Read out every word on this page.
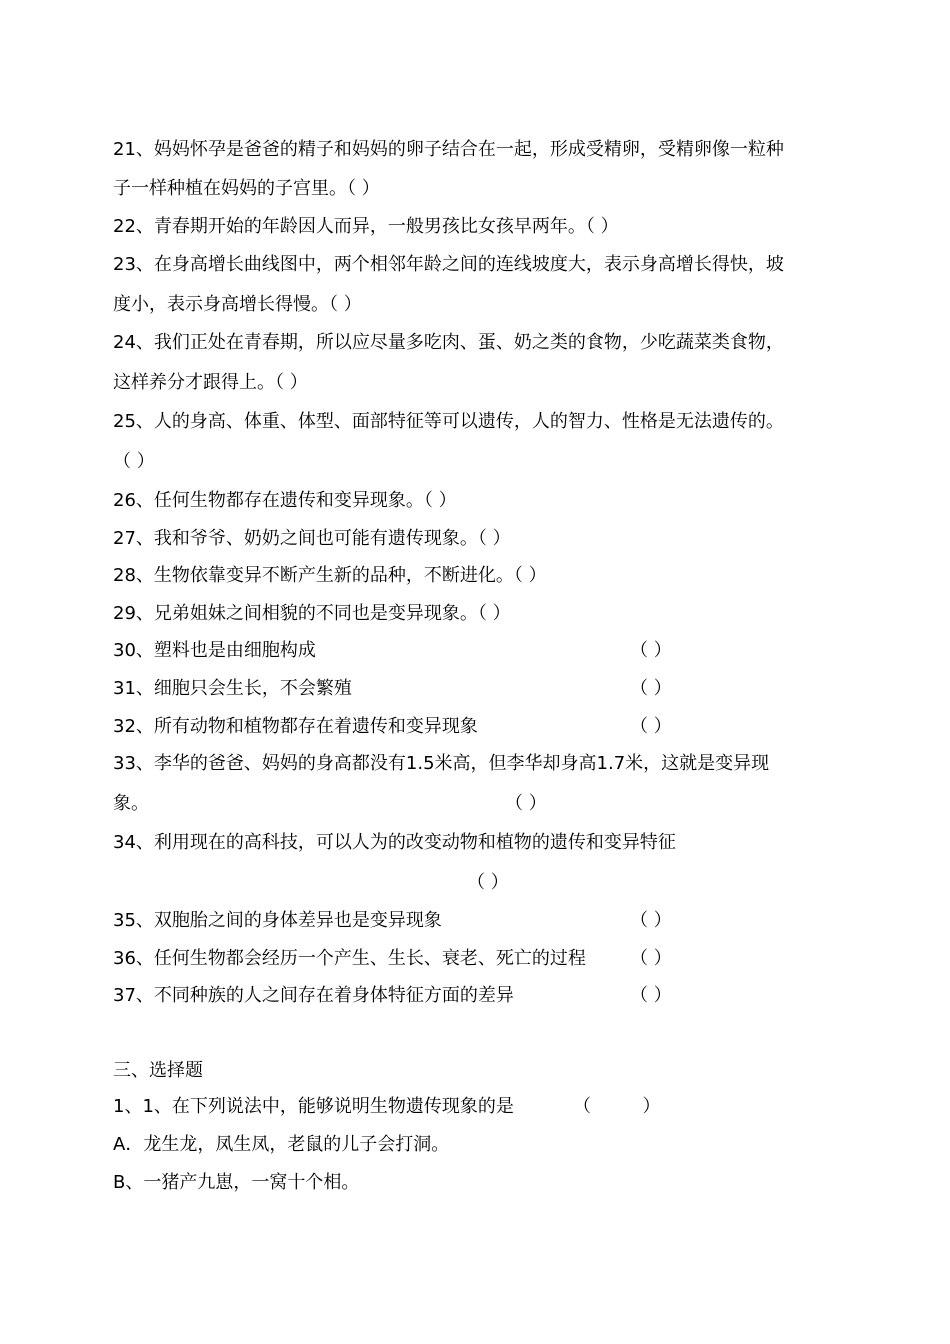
21、妈妈怀孕是爸爸的精子和妈妈的卵子结合在一起，形成受精卵，受精卵像一粒种
子一样种植在妈妈的子宫里。（ ）
22、青春期开始的年龄因人而异，一般男孩比女孩早两年。（ ）
23、在身高增长曲线图中，两个相邻年龄之间的连线坡度大，表示身高增长得快，坡
度小，表示身高增长得慢。（ ）
24、我们正处在青春期，所以应尽量多吃肉、蛋、奶之类的食物，少吃蔬菜类食物，
这样养分才跟得上。（ ）
25、人的身高、体重、体型、面部特征等可以遗传，人的智力、性格是无法遗传的。
（ ）
26、任何生物都存在遗传和变异现象。（ ）
27、我和爷爷、奶奶之间也可能有遗传现象。（ ）
28、生物依靠变异不断产生新的品种，不断进化。（ ）
29、兄弟姐妹之间相貌的不同也是变异现象。（ ）
30、塑料也是由细胞构成	（ ）
31、细胞只会生长，不会繁殖	（ ）
32、所有动物和植物都存在着遗传和变异现象	（ ）
33、李华的爸爸、妈妈的身高都没有1.5米高，但李华却身高1.7米，这就是变异现
象。	（ ）
34、利用现在的高科技，可以人为的改变动物和植物的遗传和变异特征
（ ）
35、双胞胎之间的身体差异也是变异现象	（ ）
36、任何生物都会经历一个产生、生长、衰老、死亡的过程 （ ）
37、不同种族的人之间存在着身体特征方面的差异	（ ）
三、选择题
1、1、在下列说法中，能够说明生物遗传现象的是	（         ）
A．龙生龙，凤生凤，老鼠的儿子会打洞。
B、一猪产九崽，一窝十个相。
